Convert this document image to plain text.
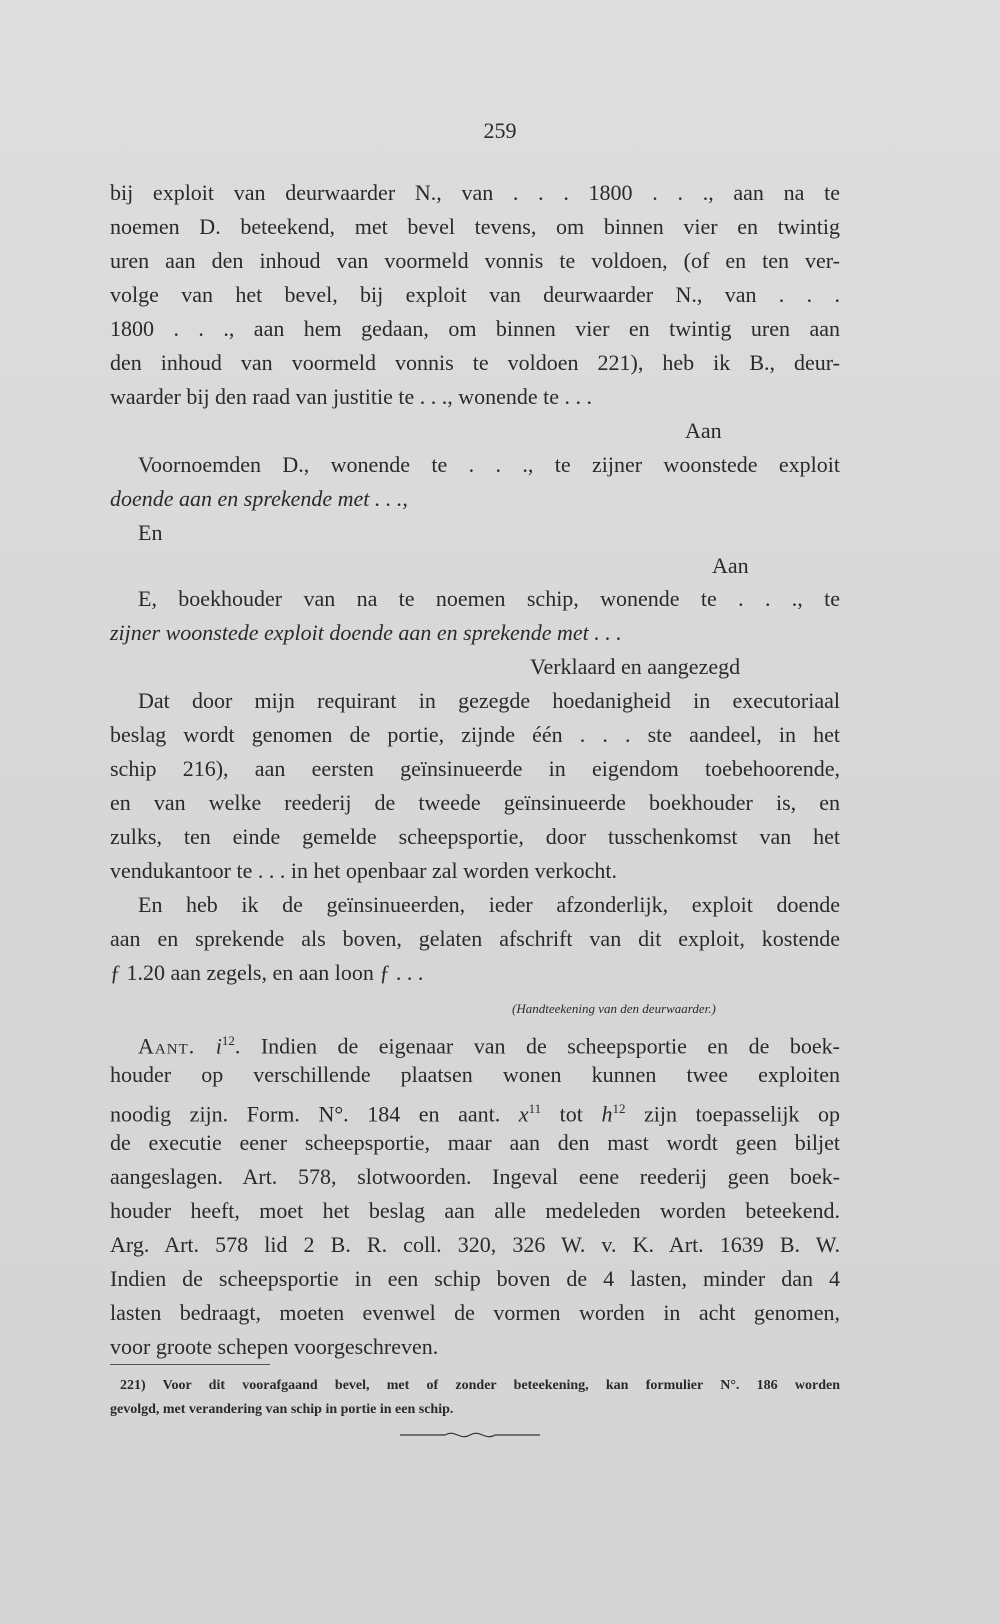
259
bij exploit van deurwaarder N., van . . . 1800 . . ., aan na te
noemen D. beteekend, met bevel tevens, om binnen vier en twintig
uren aan den inhoud van voormeld vonnis te voldoen, (of en ten ver-
volge van het bevel, bij exploit van deurwaarder N., van . . .
1800 . . ., aan hem gedaan, om binnen vier en twintig uren aan
den inhoud van voormeld vonnis te voldoen 221), heb ik B., deur-
waarder bij den raad van justitie te . . ., wonende te . . .
Aan
Voornoemden D., wonende te . . ., te zijner woonstede exploit
doende aan en sprekende met . . .,
En
Aan
E, boekhouder van na te noemen schip, wonende te . . ., te
zijner woonstede exploit doende aan en sprekende met . . .
Verklaard en aangezegd
Dat door mijn requirant in gezegde hoedanigheid in executoriaal
beslag wordt genomen de portie, zijnde één . . . ste aandeel, in het
schip 216), aan eersten geïnsinueerde in eigendom toebehoorende,
en van welke reederij de tweede geïnsinueerde boekhouder is, en
zulks, ten einde gemelde scheepsportie, door tusschenkomst van het
vendukantoor te . . . in het openbaar zal worden verkocht.
En heb ik de geïnsinueerden, ieder afzonderlijk, exploit doende
aan en sprekende als boven, gelaten afschrift van dit exploit, kostende
ƒ 1.20 aan zegels, en aan loon ƒ . . .
(Handteekening van den deurwaarder.)
Aant. $i^{12}$. Indien de eigenaar van de scheepsportie en de boek-
houder op verschillende plaatsen wonen kunnen twee exploiten
noodig zijn. Form. N°. 184 en aant. $x^{11}$ tot $h^{12}$ zijn toepasselijk op
de executie eener scheepsportie, maar aan den mast wordt geen biljet
aangeslagen. Art. 578, slotwoorden. Ingeval eene reederij geen boek-
houder heeft, moet het beslag aan alle medeleden worden beteekend.
Arg. Art. 578 lid 2 B. R. coll. 320, 326 W. v. K. Art. 1639 B. W.
Indien de scheepsportie in een schip boven de 4 lasten, minder dan 4
lasten bedraagt, moeten evenwel de vormen worden in acht genomen,
voor groote schepen voorgeschreven.
221) Voor dit voorafgaand bevel, met of zonder beteekening, kan formulier N°. 186 worden
gevolgd, met verandering van schip in portie in een schip.
